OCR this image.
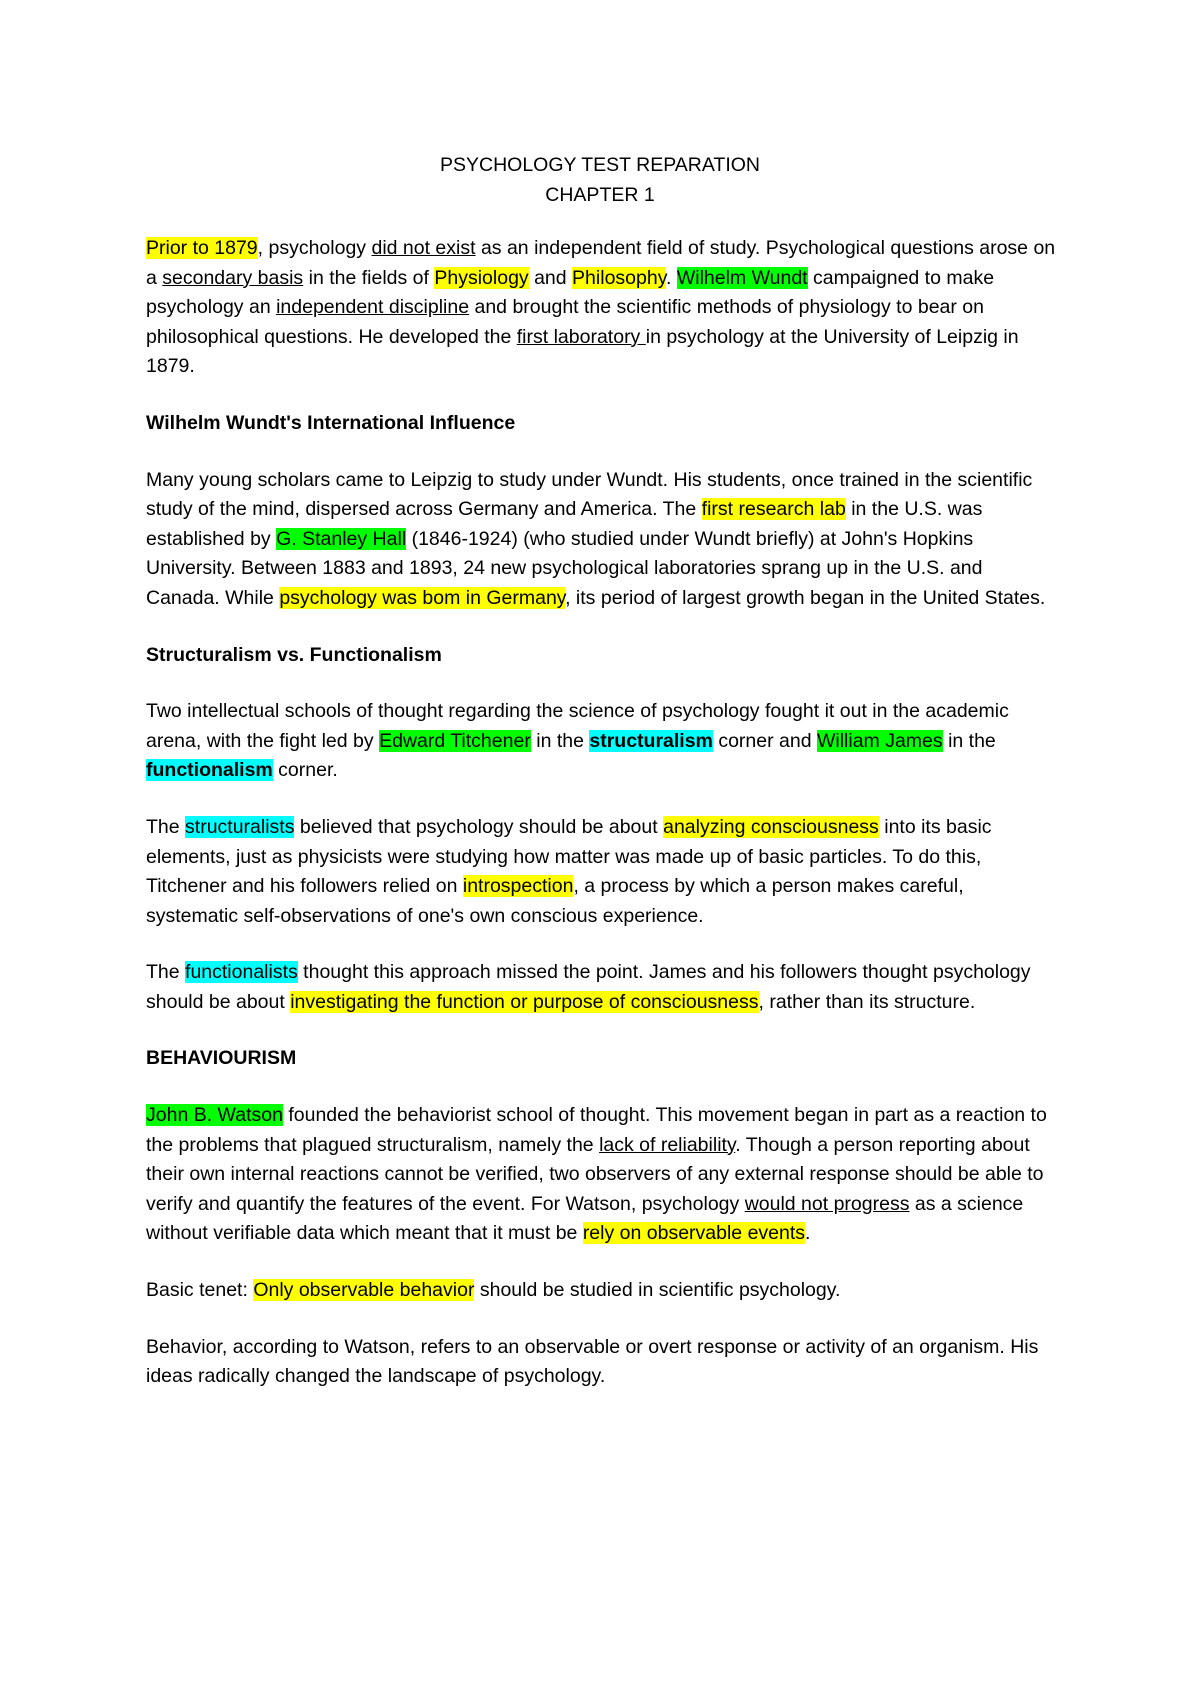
PSYCHOLOGY TEST REPARATION
CHAPTER 1

Prior to 1879, psychology did not exist as an independent field of study. Psychological questions arose on a secondary basis in the fields of Physiology and Philosophy. Wilhelm Wundt campaigned to make psychology an independent discipline and brought the scientific methods of physiology to bear on philosophical questions. He developed the first laboratory in psychology at the University of Leipzig in 1879.

Wilhelm Wundt's International Influence

Many young scholars came to Leipzig to study under Wundt. His students, once trained in the scientific study of the mind, dispersed across Germany and America. The first research lab in the U.S. was established by G. Stanley Hall (1846-1924) (who studied under Wundt briefly) at John's Hopkins University. Between 1883 and 1893, 24 new psychological laboratories sprang up in the U.S. and Canada. While psychology was bom in Germany, its period of largest growth began in the United States.

Structuralism vs. Functionalism

Two intellectual schools of thought regarding the science of psychology fought it out in the academic arena, with the fight led by Edward Titchener in the structuralism corner and William James in the functionalism corner.

The structuralists believed that psychology should be about analyzing consciousness into its basic elements, just as physicists were studying how matter was made up of basic particles. To do this, Titchener and his followers relied on introspection, a process by which a person makes careful, systematic self-observations of one's own conscious experience.

The functionalists thought this approach missed the point. James and his followers thought psychology should be about investigating the function or purpose of consciousness, rather than its structure.

BEHAVIOURISM

John B. Watson founded the behaviorist school of thought. This movement began in part as a reaction to the problems that plagued structuralism, namely the lack of reliability. Though a person reporting about their own internal reactions cannot be verified, two observers of any external response should be able to verify and quantify the features of the event. For Watson, psychology would not progress as a science without verifiable data which meant that it must be rely on observable events.

Basic tenet: Only observable behavior should be studied in scientific psychology.

Behavior, according to Watson, refers to an observable or overt response or activity of an organism. His ideas radically changed the landscape of psychology.
